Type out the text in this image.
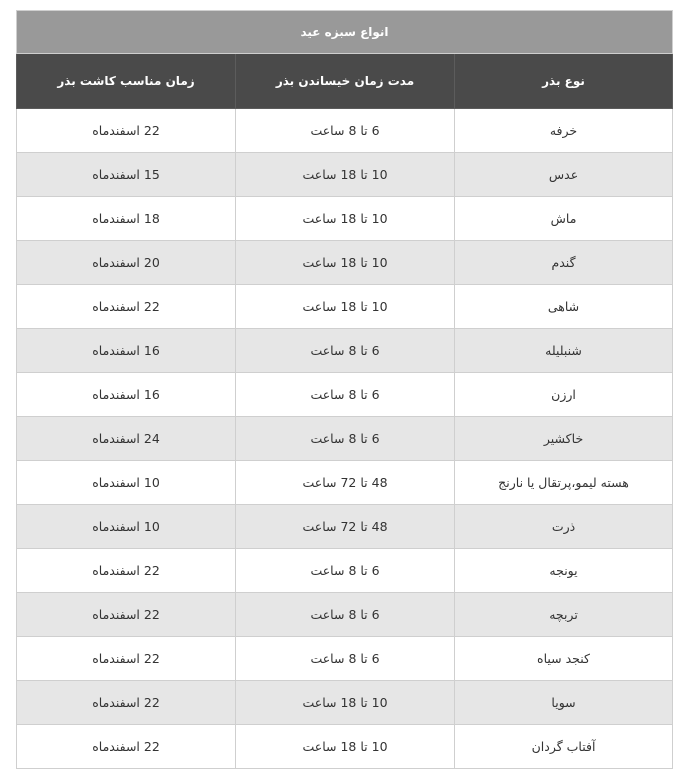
انواع سبزه عید		
نوع بذر	مدت زمان خیساندن بذر	زمان مناسب کاشت بذر
خرفه	6 تا 8 ساعت	22 اسفندماه
عدس	10 تا 18 ساعت	15 اسفندماه
ماش	10 تا 18 ساعت	18 اسفندماه
گندم	10 تا 18 ساعت	20 اسفندماه
شاهی	10 تا 18 ساعت	22 اسفندماه
شنبلیله	6 تا 8 ساعت	16 اسفندماه
ارزن	6 تا 8 ساعت	16 اسفندماه
خاکشیر	6 تا 8 ساعت	24 اسفندماه
هسته لیمو،پرتقال یا نارنج	48 تا 72 ساعت	10 اسفندماه
ذرت	48 تا 72 ساعت	10 اسفندماه
یونجه	6 تا 8 ساعت	22 اسفندماه
تربچه	6 تا 8 ساعت	22 اسفندماه
کنجد سیاه	6 تا 8 ساعت	22 اسفندماه
سویا	10 تا 18 ساعت	22 اسفندماه
آفتاب گردان	10 تا 18 ساعت	22 اسفندماه
